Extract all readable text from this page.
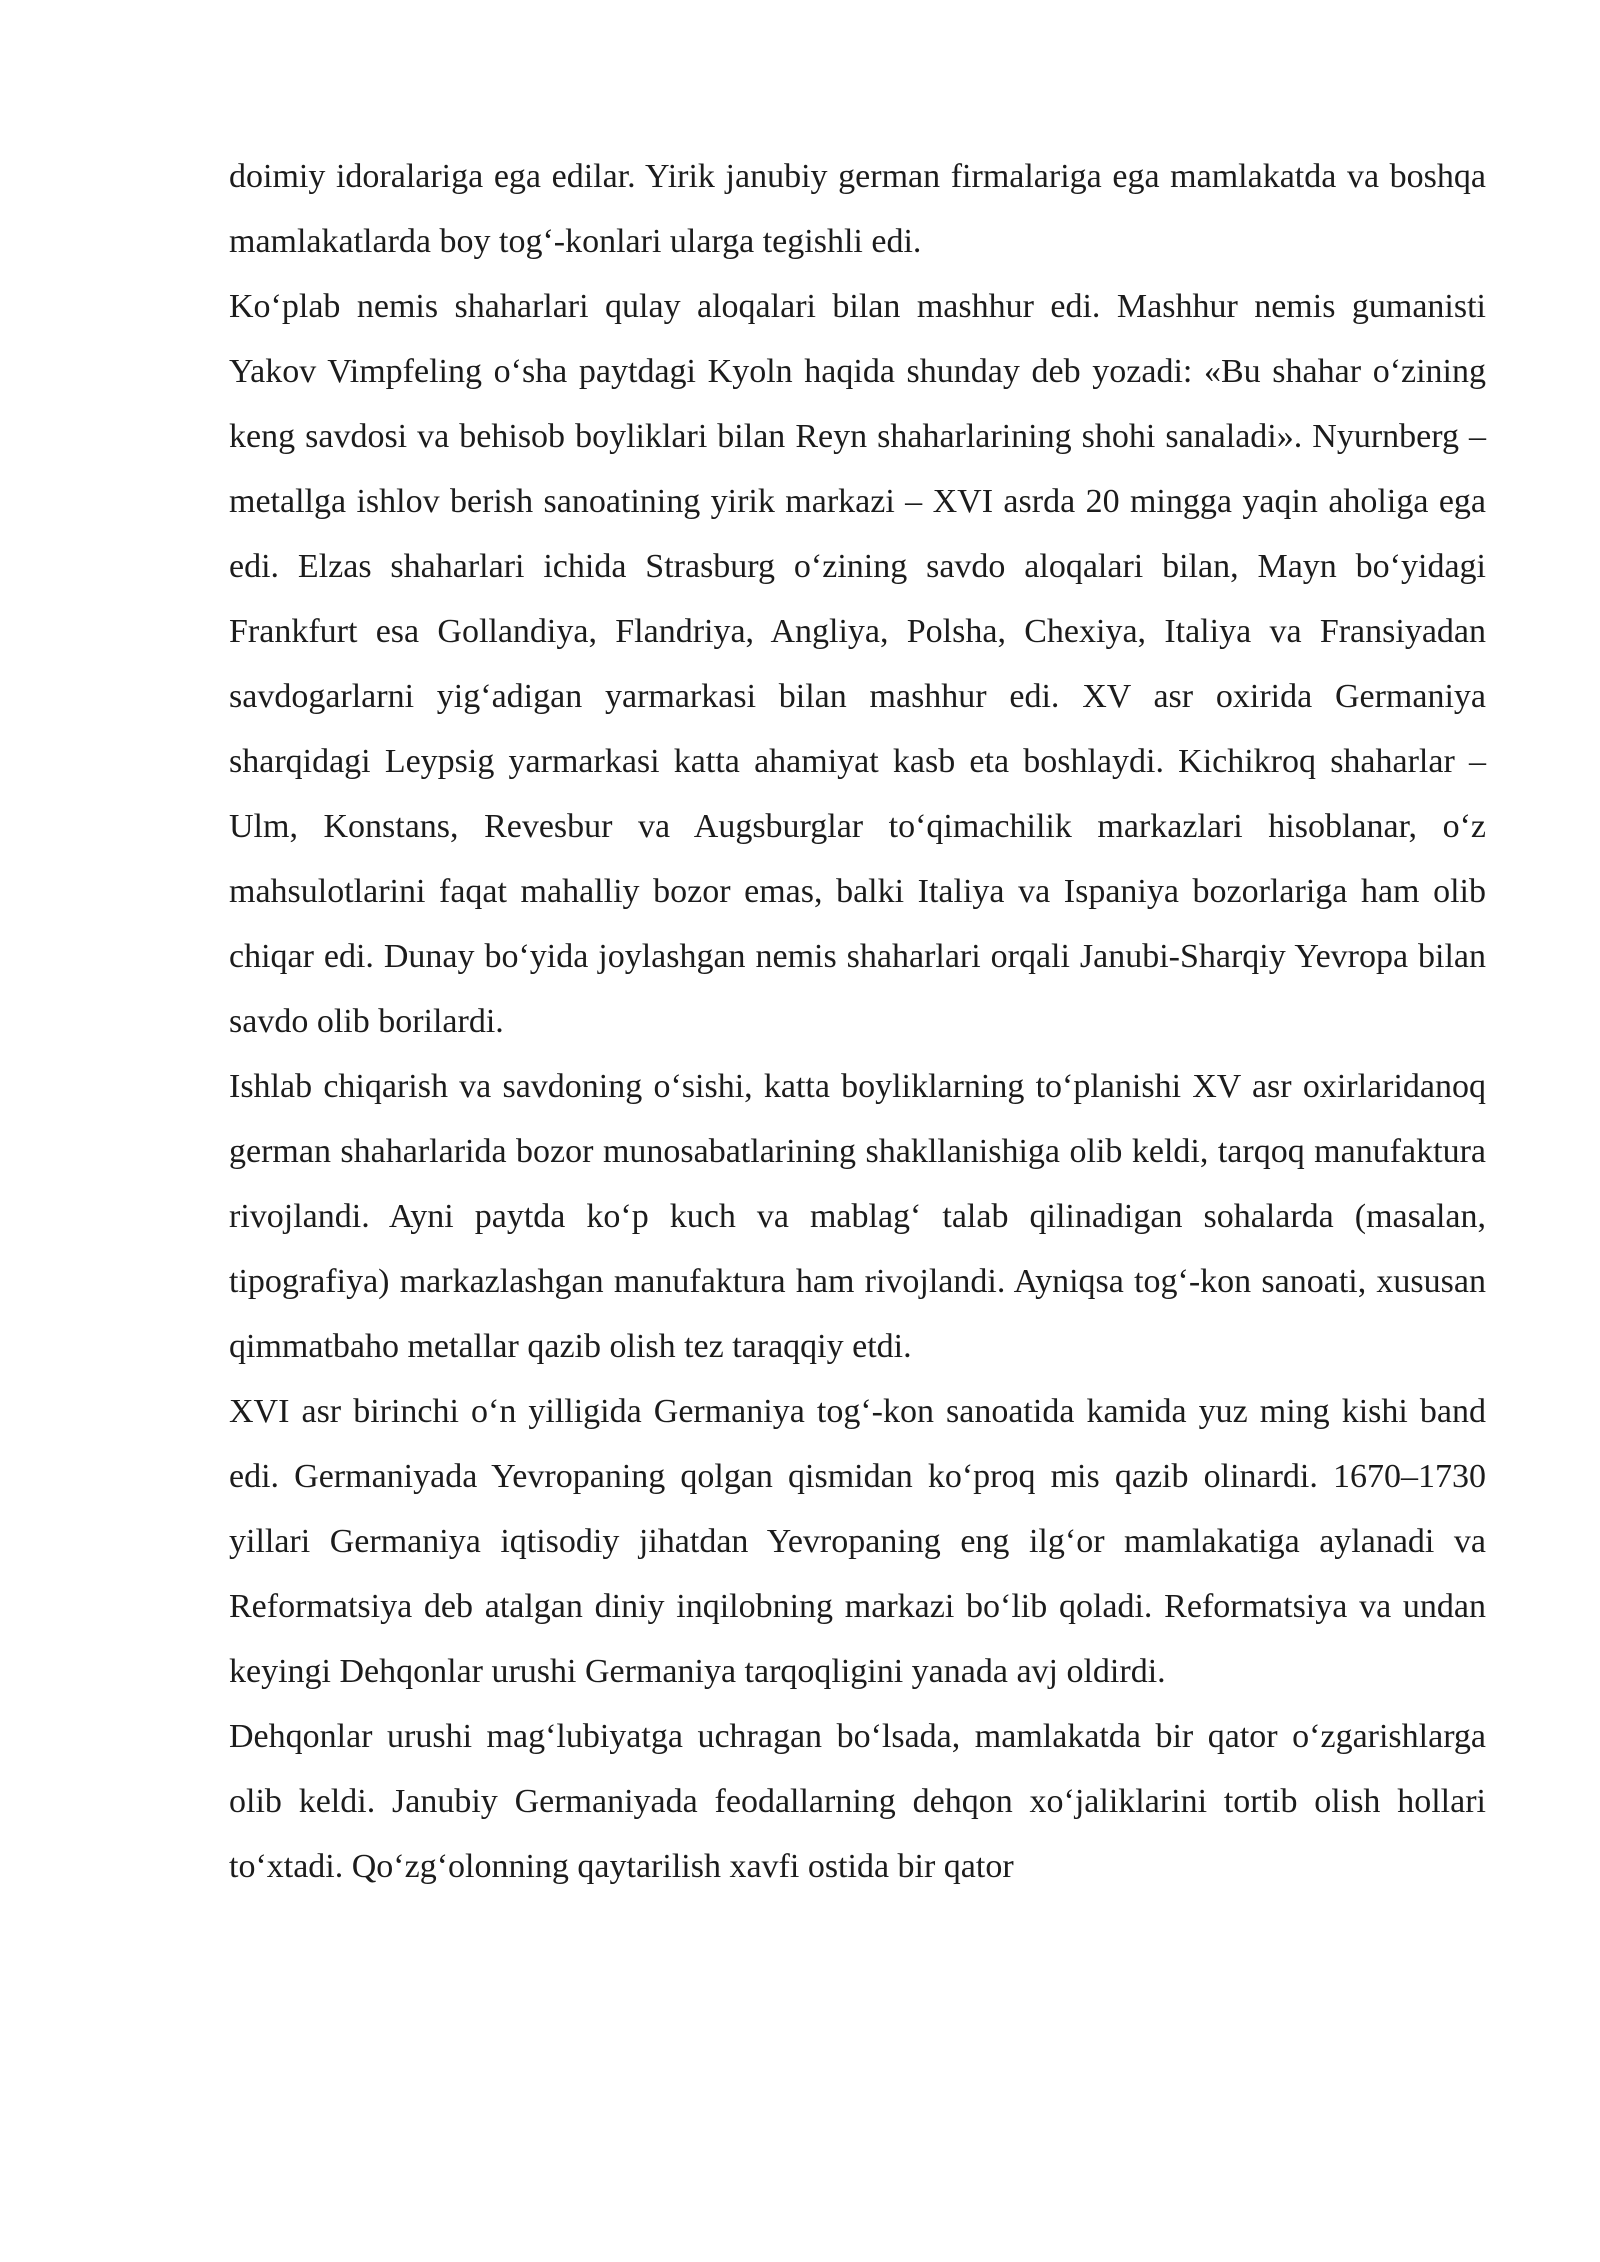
doimiy idoralariga ega edilar. Yirik janubiy german firmalariga ega mamlakatda va boshqa mamlakatlarda boy tog‘-konlari ularga tegishli edi.

Ko‘plab nemis shaharlari qulay aloqalari bilan mashhur edi. Mashhur nemis gumanisti Yakov Vimpfeling o‘sha paytdagi Kyoln haqida shunday deb yozadi: «Bu shahar o‘zining keng savdosi va behisob boyliklari bilan Reyn shaharlarining shohi sanaladi». Nyurnberg – metallga ishlov berish sanoatining yirik markazi – XVI asrda 20 mingga yaqin aholiga ega edi. Elzas shaharlari ichida Strasburg o‘zining savdo aloqalari bilan, Mayn bo‘yidagi Frankfurt esa Gollandiya, Flandriya, Angliya, Polsha, Chexiya, Italiya va Fransiyadan savdogarlarni yig‘adigan yarmarkasi bilan mashhur edi. XV asr oxirida Germaniya sharqidagi Leypsig yarmarkasi katta ahamiyat kasb eta boshlaydi. Kichikroq shaharlar – Ulm, Konstans, Revesbur va Augsburglar to‘qimachilik markazlari hisoblanar, o‘z mahsulotlarini faqat mahalliy bozor emas, balki Italiya va Ispaniya bozorlariga ham olib chiqar edi. Dunay bo‘yida joylashgan nemis shaharlari orqali Janubi-Sharqiy Yevropa bilan savdo olib borilardi.

Ishlab chiqarish va savdoning o‘sishi, katta boyliklarning to‘planishi XV asr oxirlaridanoq german shaharlarida bozor munosabatlarining shakllanishiga olib keldi, tarqoq manufaktura rivojlandi. Ayni paytda ko‘p kuch va mablag‘ talab qilinadigan sohalarda (masalan, tipografiya) markazlashgan manufaktura ham rivojlandi. Ayniqsa tog‘-kon sanoati, xususan qimmatbaho metallar qazib olish tez taraqqiy etdi.

XVI asr birinchi o‘n yilligida Germaniya tog‘-kon sanoatida kamida yuz ming kishi band edi. Germaniyada Yevropaning qolgan qismidan ko‘proq mis qazib olinardi. 1670–1730 yillari Germaniya iqtisodiy jihatdan Yevropaning eng ilg‘or mamlakatiga aylanadi va Reformatsiya deb atalgan diniy inqilobning markazi bo‘lib qoladi. Reformatsiya va undan keyingi Dehqonlar urushi Germaniya tarqoqligini yanada avj oldirdi.

Dehqonlar urushi mag‘lubiyatga uchragan bo‘lsada, mamlakatda bir qator o‘zgarishlarga olib keldi. Janubiy Germaniyada feodallarning dehqon xo‘jaliklarini tortib olish hollari to‘xtadi. Qo‘zg‘olonning qaytarilish xavfi ostida bir qator
